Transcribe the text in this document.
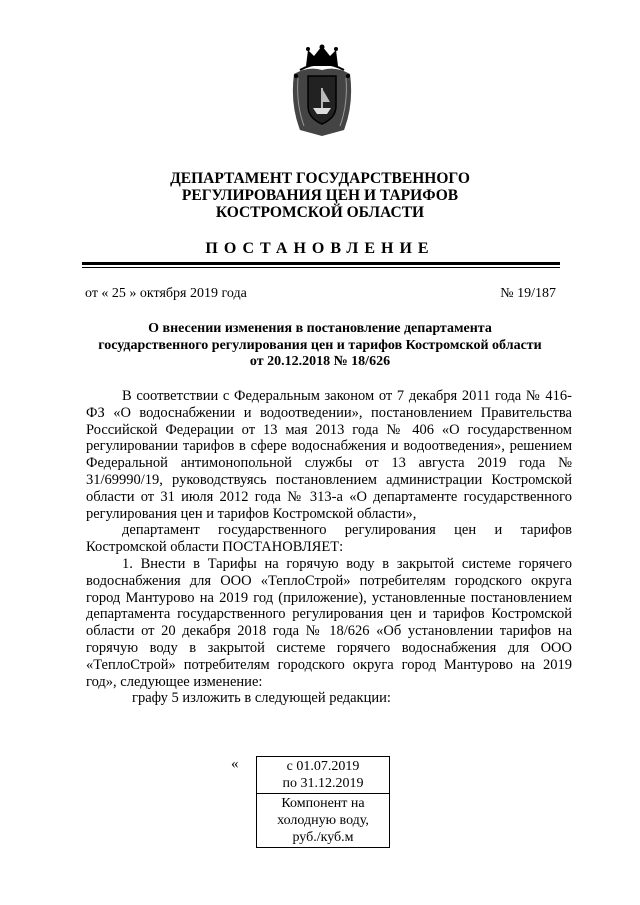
ДЕПАРТАМЕНТ ГОСУДАРСТВЕННОГО
РЕГУЛИРОВАНИЯ ЦЕН И ТАРИФОВ
КОСТРОМСКОЙ ОБЛАСТИ
ПОСТАНОВЛЕНИЕ
от « 25 » октября 2019 года	№ 19/187
О внесении изменения в постановление департамента
государственного регулирования цен и тарифов Костромской области
от 20.12.2018 № 18/626

В соответствии с Федеральным законом от 7 декабря 2011 года № 416-ФЗ «О водоснабжении и водоотведении», постановлением Правительства Российской Федерации от 13 мая 2013 года № 406 «О государственном регулировании тарифов в сфере водоснабжения и водоотведения», решением Федеральной антимонопольной службы от 13 августа 2019 года № 31/69990/19, руководствуясь постановлением администрации Костромской области от 31 июля 2012 года № 313-а «О департаменте государственного регулирования цен и тарифов Костромской области»,

департамент государственного регулирования цен и тарифов Костромской области ПОСТАНОВЛЯЕТ:

1. Внести в Тарифы на горячую воду в закрытой системе горячего водоснабжения для ООО «ТеплоСтрой» потребителям городского округа город Мантурово на 2019 год (приложение), установленные постановлением департамента государственного регулирования цен и тарифов Костромской области от 20 декабря 2018 года № 18/626 «Об установлении тарифов на горячую воду в закрытой системе горячего водоснабжения для ООО «ТеплоСтрой» потребителям городского округа город Мантурово на 2019 год», следующее изменение:

графу 5 изложить в следующей редакции:

«	с 01.07.2019
по 31.12.2019

Компонент на
холодную воду,
руб./куб.м
